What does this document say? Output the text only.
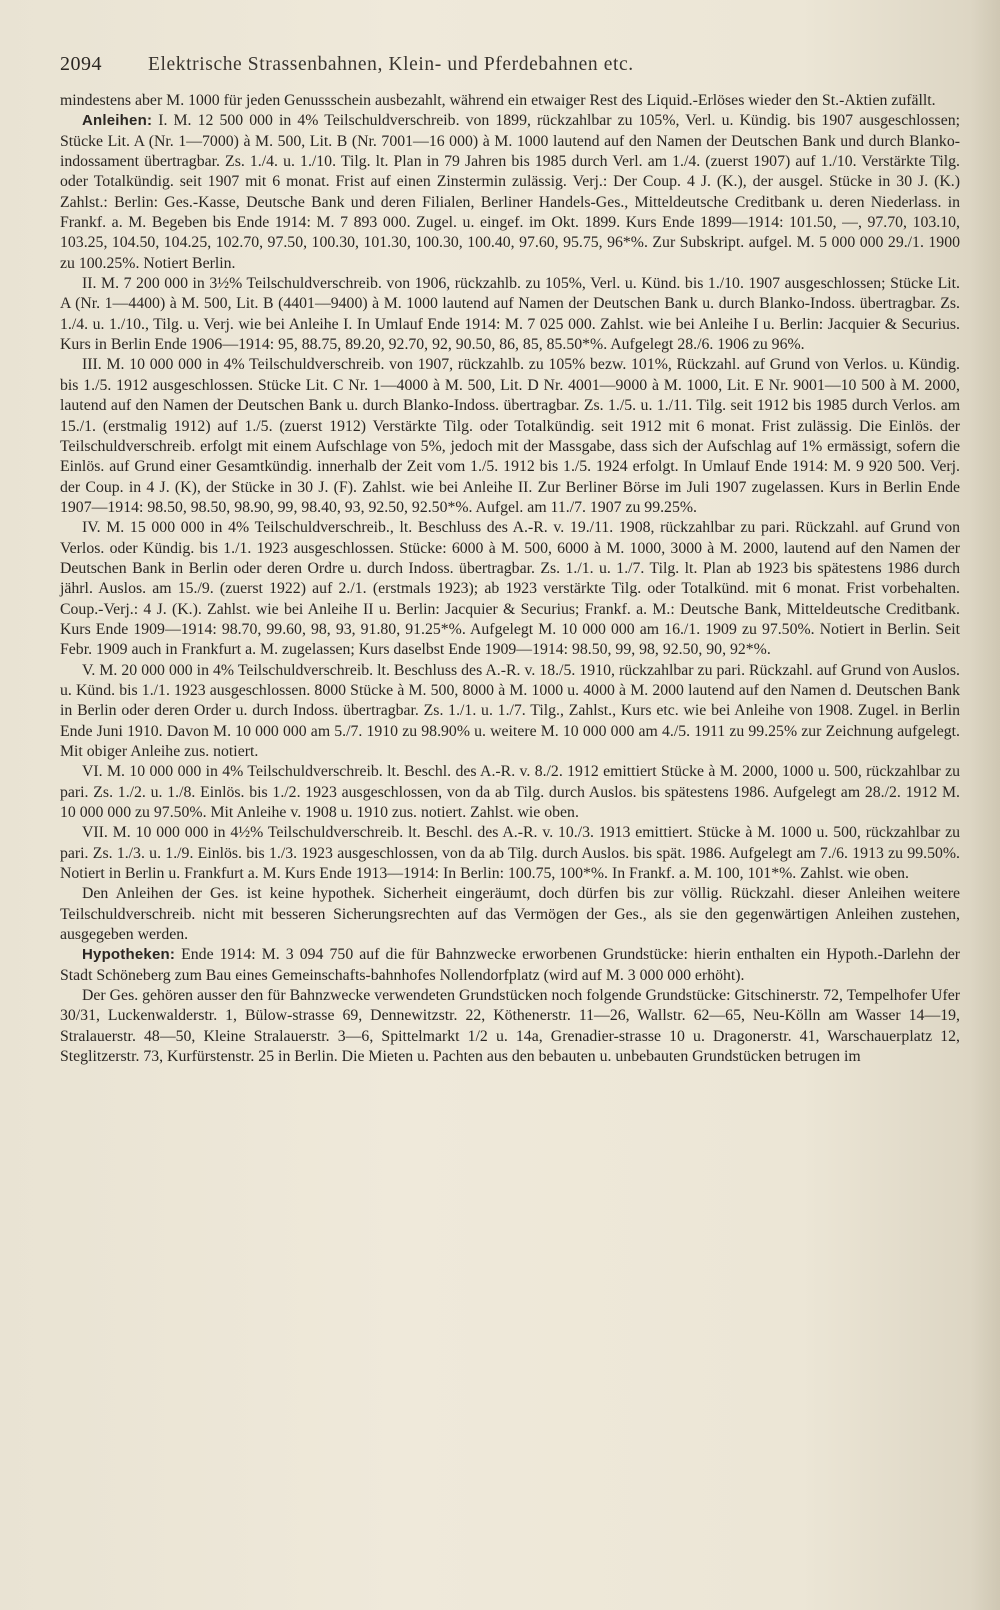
2094 Elektrische Strassenbahnen, Klein- und Pferdebahnen etc.

mindestens aber M. 1000 für jeden Genussschein ausbezahlt, während ein etwaiger Rest des Liquid.-Erlöses wieder den St.-Aktien zufällt.

Anleihen: I. M. 12 500 000 in 4% Teilschuldverschreib. von 1899, rückzahlbar zu 105%, Verl. u. Kündig. bis 1907 ausgeschlossen; Stücke Lit. A (Nr. 1—7000) à M. 500, Lit. B (Nr. 7001—16 000) à M. 1000 lautend auf den Namen der Deutschen Bank und durch Blanko-indossament übertragbar. Zs. 1./4. u. 1./10. Tilg. lt. Plan in 79 Jahren bis 1985 durch Verl. am 1./4. (zuerst 1907) auf 1./10. Verstärkte Tilg. oder Totalkündig. seit 1907 mit 6 monat. Frist auf einen Zinstermin zulässig. Verj.: Der Coup. 4 J. (K.), der ausgel. Stücke in 30 J. (K.) Zahlst.: Berlin: Ges.-Kasse, Deutsche Bank und deren Filialen, Berliner Handels-Ges., Mitteldeutsche Creditbank u. deren Niederlass. in Frankf. a. M. Begeben bis Ende 1914: M. 7 893 000. Zugel. u. eingef. im Okt. 1899. Kurs Ende 1899—1914: 101.50, —, 97.70, 103.10, 103.25, 104.50, 104.25, 102.70, 97.50, 100.30, 101.30, 100.30, 100.40, 97.60, 95.75, 96*%. Zur Subskript. aufgel. M. 5 000 000 29./1. 1900 zu 100.25%. Notiert Berlin.

II. M. 7 200 000 in 3½% Teilschuldverschreib. von 1906, rückzahlb. zu 105%, Verl. u. Künd. bis 1./10. 1907 ausgeschlossen; Stücke Lit. A (Nr. 1—4400) à M. 500, Lit. B (4401—9400) à M. 1000 lautend auf Namen der Deutschen Bank u. durch Blanko-Indoss. übertragbar. Zs. 1./4. u. 1./10., Tilg. u. Verj. wie bei Anleihe I. In Umlauf Ende 1914: M. 7 025 000. Zahlst. wie bei Anleihe I u. Berlin: Jacquier & Securius. Kurs in Berlin Ende 1906—1914: 95, 88.75, 89.20, 92.70, 92, 90.50, 86, 85, 85.50*%. Aufgelegt 28./6. 1906 zu 96%.

III. M. 10 000 000 in 4% Teilschuldverschreib. von 1907, rückzahlb. zu 105% bezw. 101%, Rückzahl. auf Grund von Verlos. u. Kündig. bis 1./5. 1912 ausgeschlossen. Stücke Lit. C Nr. 1—4000 à M. 500, Lit. D Nr. 4001—9000 à M. 1000, Lit. E Nr. 9001—10 500 à M. 2000, lautend auf den Namen der Deutschen Bank u. durch Blanko-Indoss. übertragbar. Zs. 1./5. u. 1./11. Tilg. seit 1912 bis 1985 durch Verlos. am 15./1. (erstmalig 1912) auf 1./5. (zuerst 1912) Verstärkte Tilg. oder Totalkündig. seit 1912 mit 6 monat. Frist zulässig. Die Einlös. der Teilschuldverschreib. erfolgt mit einem Aufschlage von 5%, jedoch mit der Massgabe, dass sich der Aufschlag auf 1% ermässigt, sofern die Einlös. auf Grund einer Gesamtkündig. innerhalb der Zeit vom 1./5. 1912 bis 1./5. 1924 erfolgt. In Umlauf Ende 1914: M. 9 920 500. Verj. der Coup. in 4 J. (K), der Stücke in 30 J. (F). Zahlst. wie bei Anleihe II. Zur Berliner Börse im Juli 1907 zugelassen. Kurs in Berlin Ende 1907—1914: 98.50, 98.50, 98.90, 99, 98.40, 93, 92.50, 92.50*%. Aufgel. am 11./7. 1907 zu 99.25%.

IV. M. 15 000 000 in 4% Teilschuldverschreib., lt. Beschluss des A.-R. v. 19./11. 1908, rückzahlbar zu pari. Rückzahl. auf Grund von Verlos. oder Kündig. bis 1./1. 1923 ausgeschlossen. Stücke: 6000 à M. 500, 6000 à M. 1000, 3000 à M. 2000, lautend auf den Namen der Deutschen Bank in Berlin oder deren Ordre u. durch Indoss. übertragbar. Zs. 1./1. u. 1./7. Tilg. lt. Plan ab 1923 bis spätestens 1986 durch jährl. Auslos. am 15./9. (zuerst 1922) auf 2./1. (erstmals 1923); ab 1923 verstärkte Tilg. oder Totalkünd. mit 6 monat. Frist vorbehalten. Coup.-Verj.: 4 J. (K.). Zahlst. wie bei Anleihe II u. Berlin: Jacquier & Securius; Frankf. a. M.: Deutsche Bank, Mitteldeutsche Creditbank. Kurs Ende 1909—1914: 98.70, 99.60, 98, 93, 91.80, 91.25*%. Aufgelegt M. 10 000 000 am 16./1. 1909 zu 97.50%. Notiert in Berlin. Seit Febr. 1909 auch in Frankfurt a. M. zugelassen; Kurs daselbst Ende 1909—1914: 98.50, 99, 98, 92.50, 90, 92*%.

V. M. 20 000 000 in 4% Teilschuldverschreib. lt. Beschluss des A.-R. v. 18./5. 1910, rückzahlbar zu pari. Rückzahl. auf Grund von Auslos. u. Künd. bis 1./1. 1923 ausgeschlossen. 8000 Stücke à M. 500, 8000 à M. 1000 u. 4000 à M. 2000 lautend auf den Namen d. Deutschen Bank in Berlin oder deren Order u. durch Indoss. übertragbar. Zs. 1./1. u. 1./7. Tilg., Zahlst., Kurs etc. wie bei Anleihe von 1908. Zugel. in Berlin Ende Juni 1910. Davon M. 10 000 000 am 5./7. 1910 zu 98.90% u. weitere M. 10 000 000 am 4./5. 1911 zu 99.25% zur Zeichnung aufgelegt. Mit obiger Anleihe zus. notiert.

VI. M. 10 000 000 in 4% Teilschuldverschreib. lt. Beschl. des A.-R. v. 8./2. 1912 emittiert Stücke à M. 2000, 1000 u. 500, rückzahlbar zu pari. Zs. 1./2. u. 1./8. Einlös. bis 1./2. 1923 ausgeschlossen, von da ab Tilg. durch Auslos. bis spätestens 1986. Aufgelegt am 28./2. 1912 M. 10 000 000 zu 97.50%. Mit Anleihe v. 1908 u. 1910 zus. notiert. Zahlst. wie oben.

VII. M. 10 000 000 in 4½% Teilschuldverschreib. lt. Beschl. des A.-R. v. 10./3. 1913 emittiert. Stücke à M. 1000 u. 500, rückzahlbar zu pari. Zs. 1./3. u. 1./9. Einlös. bis 1./3. 1923 ausgeschlossen, von da ab Tilg. durch Auslos. bis spät. 1986. Aufgelegt am 7./6. 1913 zu 99.50%. Notiert in Berlin u. Frankfurt a. M. Kurs Ende 1913—1914: In Berlin: 100.75, 100*%. In Frankf. a. M. 100, 101*%. Zahlst. wie oben.

Den Anleihen der Ges. ist keine hypothek. Sicherheit eingeräumt, doch dürfen bis zur völlig. Rückzahl. dieser Anleihen weitere Teilschuldverschreib. nicht mit besseren Sicherungsrechten auf das Vermögen der Ges., als sie den gegenwärtigen Anleihen zustehen, ausgegeben werden.

Hypotheken: Ende 1914: M. 3 094 750 auf die für Bahnzwecke erworbenen Grundstücke: hierin enthalten ein Hypoth.-Darlehn der Stadt Schöneberg zum Bau eines Gemeinschafts-bahnhofes Nollendorfplatz (wird auf M. 3 000 000 erhöht).

Der Ges. gehören ausser den für Bahnzwecke verwendeten Grundstücken noch folgende Grundstücke: Gitschinerstr. 72, Tempelhofer Ufer 30/31, Luckenwalderstr. 1, Bülow-strasse 69, Dennewitzstr. 22, Köthenerstr. 11—26, Wallstr. 62—65, Neu-Kölln am Wasser 14—19, Stralauerstr. 48—50, Kleine Stralauerstr. 3—6, Spittelmarkt 1/2 u. 14a, Grenadier-strasse 10 u. Dragonerstr. 41, Warschauerplatz 12, Steglitzerstr. 73, Kurfürstenstr. 25 in Berlin. Die Mieten u. Pachten aus den bebauten u. unbebauten Grundstücken betrugen im
